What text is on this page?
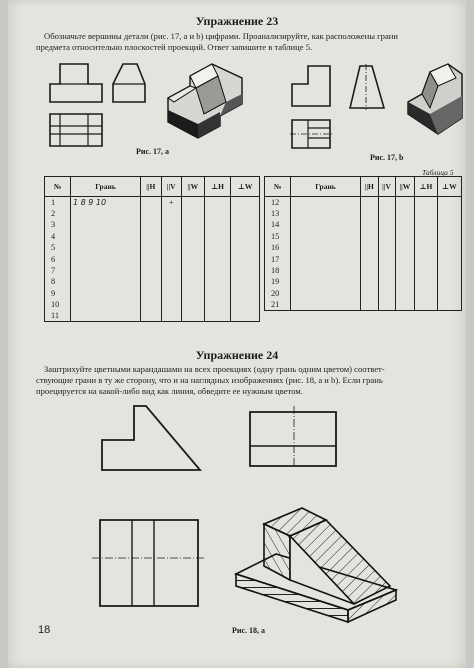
Упражнение 23
Обозначьте вершины детали (рис. 17, а и b) цифрами. Проанализируйте, как расположены грани
предмета относительно плоскостей проекций. Ответ запишите в таблице 5.
Рис. 17, а
Рис. 17, b
Таблица 5
№	Грань	||H	||V	||W	⊥H	⊥W
1	1 8 9 10		+			
2						
3						
4						
5						
6						
7						
8						
9						
10						
11						
№	Грань	||H	||V	||W	⊥H	⊥W
12						
13						
14						
15						
16						
17						
18						
19						
20						
21						
Упражнение 24
Заштрихуйте цветными карандашами на всех проекциях (одну грань одним цветом) соответ-
ствующие грани в ту же сторону, что и на наглядных изображениях (рис. 18, а и b). Если грань
проецируется на какой-либо вид как линия, обведите ее нужным цветом.
Рис. 18, а
18
